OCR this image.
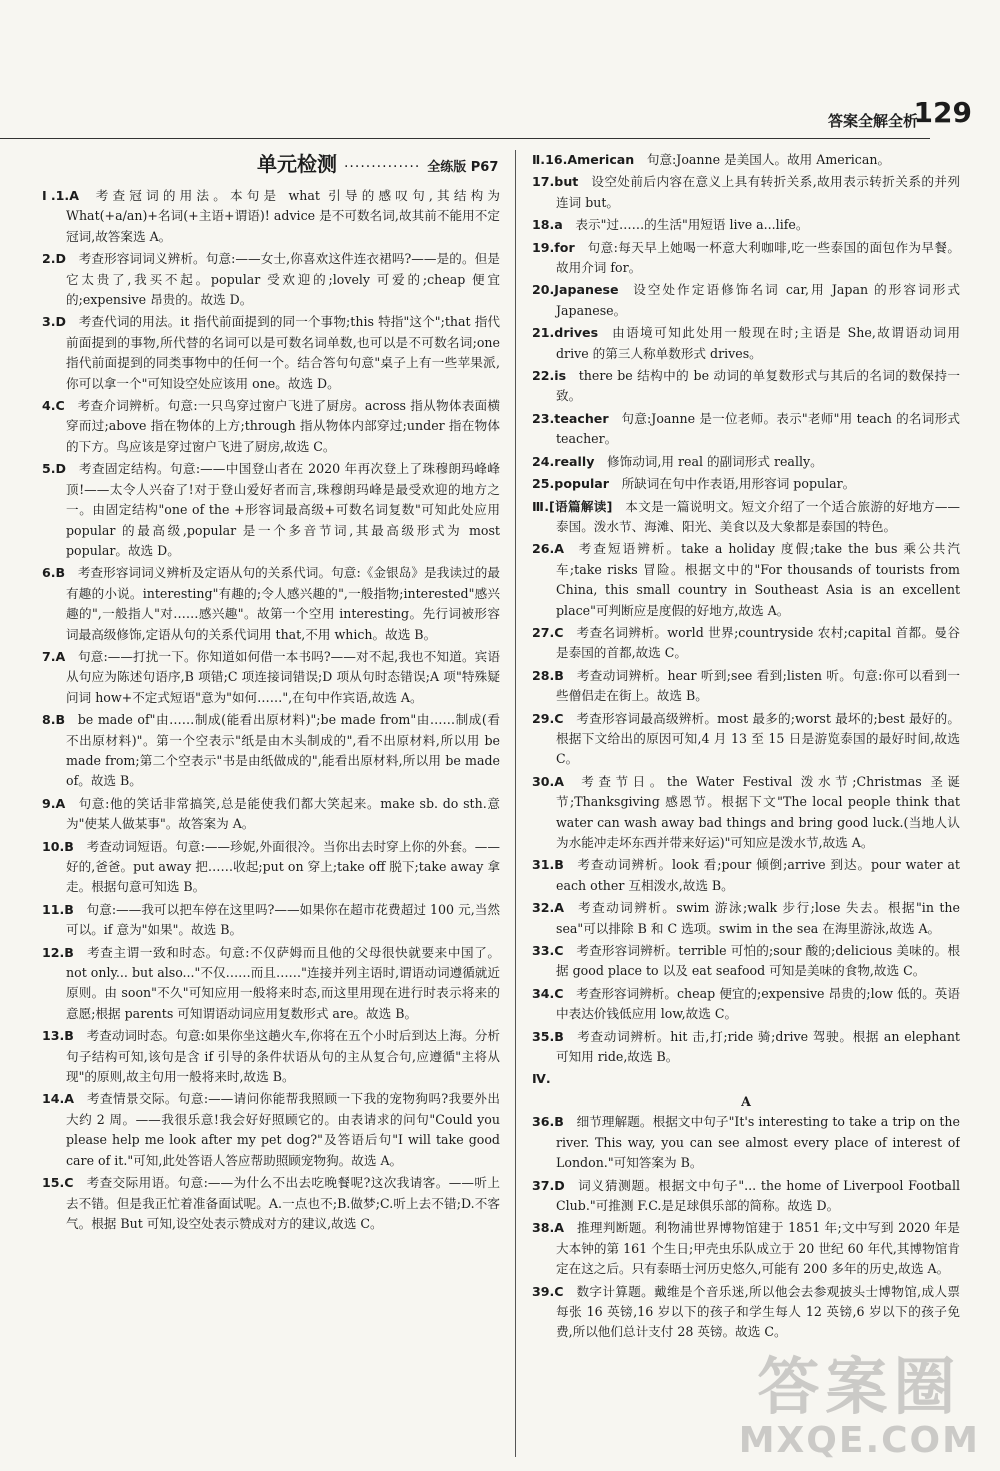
答案全解全析
129
单元检测 ·············· 全练版 P67

Ⅰ.1.A  考查冠词的用法。本句是 what 引导的感叹句,其结构为 What(+a/an)+名词(+主语+谓语)! advice 是不可数名词,故其前不能用不定冠词,故答案选 A。

2.D  考查形容词词义辨析。句意:——女士,你喜欢这件连衣裙吗?——是的。但是它太贵了,我买不起。popular 受欢迎的;lovely 可爱的;cheap 便宜的;expensive 昂贵的。故选 D。

3.D  考查代词的用法。it 指代前面提到的同一个事物;this 特指"这个";that 指代前面提到的事物,所代替的名词可以是可数名词单数,也可以是不可数名词;one 指代前面提到的同类事物中的任何一个。结合答句句意"桌子上有一些苹果派,你可以拿一个"可知设空处应该用 one。故选 D。

4.C  考查介词辨析。句意:一只鸟穿过窗户飞进了厨房。across 指从物体表面横穿而过;above 指在物体的上方;through 指从物体内部穿过;under 指在物体的下方。鸟应该是穿过窗户飞进了厨房,故选 C。

5.D  考查固定结构。句意:——中国登山者在 2020 年再次登上了珠穆朗玛峰峰顶!——太令人兴奋了!对于登山爱好者而言,珠穆朗玛峰是最受欢迎的地方之一。由固定结构"one of the +形容词最高级+可数名词复数"可知此处应用 popular 的最高级,popular 是一个多音节词,其最高级形式为 most popular。故选 D。

6.B  考查形容词词义辨析及定语从句的关系代词。句意:《金银岛》是我读过的最有趣的小说。interesting"有趣的;令人感兴趣的",一般指物;interested"感兴趣的",一般指人"对……感兴趣"。故第一个空用 interesting。先行词被形容词最高级修饰,定语从句的关系代词用 that,不用 which。故选 B。

7.A  句意:——打扰一下。你知道如何借一本书吗?——对不起,我也不知道。宾语从句应为陈述句语序,B 项错;C 项连接词错误;D 项从句时态错误;A 项"特殊疑问词 how+不定式短语"意为"如何……",在句中作宾语,故选 A。

8.B  be made of"由……制成(能看出原材料)";be made from"由……制成(看不出原材料)"。第一个空表示"纸是由木头制成的",看不出原材料,所以用 be made from;第二个空表示"书是由纸做成的",能看出原材料,所以用 be made of。故选 B。

9.A  句意:他的笑话非常搞笑,总是能使我们都大笑起来。make sb. do sth.意为"使某人做某事"。故答案为 A。

10.B  考查动词短语。句意:——珍妮,外面很冷。当你出去时穿上你的外套。——好的,爸爸。put away 把……收起;put on 穿上;take off 脱下;take away 拿走。根据句意可知选 B。

11.B  句意:——我可以把车停在这里吗?——如果你在超市花费超过 100 元,当然可以。if 意为"如果"。故选 B。

12.B  考查主谓一致和时态。句意:不仅萨姆而且他的父母很快就要来中国了。not only... but also..."不仅……而且……"连接并列主语时,谓语动词遵循就近原则。由 soon"不久"可知应用一般将来时态,而这里用现在进行时表示将来的意愿;根据 parents 可知谓语动词应用复数形式 are。故选 B。

13.B  考查动词时态。句意:如果你坐这趟火车,你将在五个小时后到达上海。分析句子结构可知,该句是含 if 引导的条件状语从句的主从复合句,应遵循"主将从现"的原则,故主句用一般将来时,故选 B。

14.A  考查情景交际。句意:——请问你能帮我照顾一下我的宠物狗吗?我要外出大约 2 周。——我很乐意!我会好好照顾它的。由表请求的问句"Could you please help me look after my pet dog?"及答语后句"I will take good care of it."可知,此处答语人答应帮助照顾宠物狗。故选 A。

15.C  考查交际用语。句意:——为什么不出去吃晚餐呢?这次我请客。——听上去不错。但是我正忙着准备面试呢。A.一点也不;B.做梦;C.听上去不错;D.不客气。根据 But 可知,设空处表示赞成对方的建议,故选 C。

Ⅱ.16.American  句意:Joanne 是美国人。故用 American。

17.but  设空处前后内容在意义上具有转折关系,故用表示转折关系的并列连词 but。

18.a  表示"过……的生活"用短语 live a...life。

19.for  句意:每天早上她喝一杯意大利咖啡,吃一些泰国的面包作为早餐。故用介词 for。

20.Japanese  设空处作定语修饰名词 car,用 Japan 的形容词形式 Japanese。

21.drives  由语境可知此处用一般现在时;主语是 She,故谓语动词用 drive 的第三人称单数形式 drives。

22.is  there be 结构中的 be 动词的单复数形式与其后的名词的数保持一致。

23.teacher  句意:Joanne 是一位老师。表示"老师"用 teach 的名词形式 teacher。

24.really  修饰动词,用 real 的副词形式 really。

25.popular  所缺词在句中作表语,用形容词 popular。

Ⅲ.[语篇解读]  本文是一篇说明文。短文介绍了一个适合旅游的好地方——泰国。泼水节、海滩、阳光、美食以及大象都是泰国的特色。

26.A  考查短语辨析。take a holiday 度假;take the bus 乘公共汽车;take risks 冒险。根据文中的"For thousands of tourists from China, this small country in Southeast Asia is an excellent place"可判断应是度假的好地方,故选 A。

27.C  考查名词辨析。world 世界;countryside 农村;capital 首都。曼谷是泰国的首都,故选 C。

28.B  考查动词辨析。hear 听到;see 看到;listen 听。句意:你可以看到一些僧侣走在街上。故选 B。

29.C  考查形容词最高级辨析。most 最多的;worst 最坏的;best 最好的。根据下文给出的原因可知,4 月 13 至 15 日是游览泰国的最好时间,故选 C。

30.A  考查节日。the Water Festival 泼水节;Christmas 圣诞节;Thanksgiving 感恩节。根据下文"The local people think that water can wash away bad things and bring good luck.(当地人认为水能冲走坏东西并带来好运)"可知应是泼水节,故选 A。

31.B  考查动词辨析。look 看;pour 倾倒;arrive 到达。pour water at each other 互相泼水,故选 B。

32.A  考查动词辨析。swim 游泳;walk 步行;lose 失去。根据"in the sea"可以排除 B 和 C 选项。swim in the sea 在海里游泳,故选 A。

33.C  考查形容词辨析。terrible 可怕的;sour 酸的;delicious 美味的。根据 good place to 以及 eat seafood 可知是美味的食物,故选 C。

34.C  考查形容词辨析。cheap 便宜的;expensive 昂贵的;low 低的。英语中表达价钱低应用 low,故选 C。

35.B  考查动词辨析。hit 击,打;ride 骑;drive 驾驶。根据 an elephant 可知用 ride,故选 B。

Ⅳ. 

A

36.B  细节理解题。根据文中句子"It's interesting to take a trip on the river. This way, you can see almost every place of interest of London."可知答案为 B。

37.D  词义猜测题。根据文中句子"... the home of Liverpool Football Club."可推测 F.C.是足球俱乐部的简称。故选 D。

38.A  推理判断题。利物浦世界博物馆建于 1851 年;文中写到 2020 年是大本钟的第 161 个生日;甲壳虫乐队成立于 20 世纪 60 年代,其博物馆肯定在这之后。只有泰晤士河历史悠久,可能有 200 多年的历史,故选 A。

39.C  数字计算题。戴维是个音乐迷,所以他会去参观披头士博物馆,成人票每张 16 英镑,16 岁以下的孩子和学生每人 12 英镑,6 岁以下的孩子免费,所以他们总计支付 28 英镑。故选 C。

答案圈
MXQE.COM
